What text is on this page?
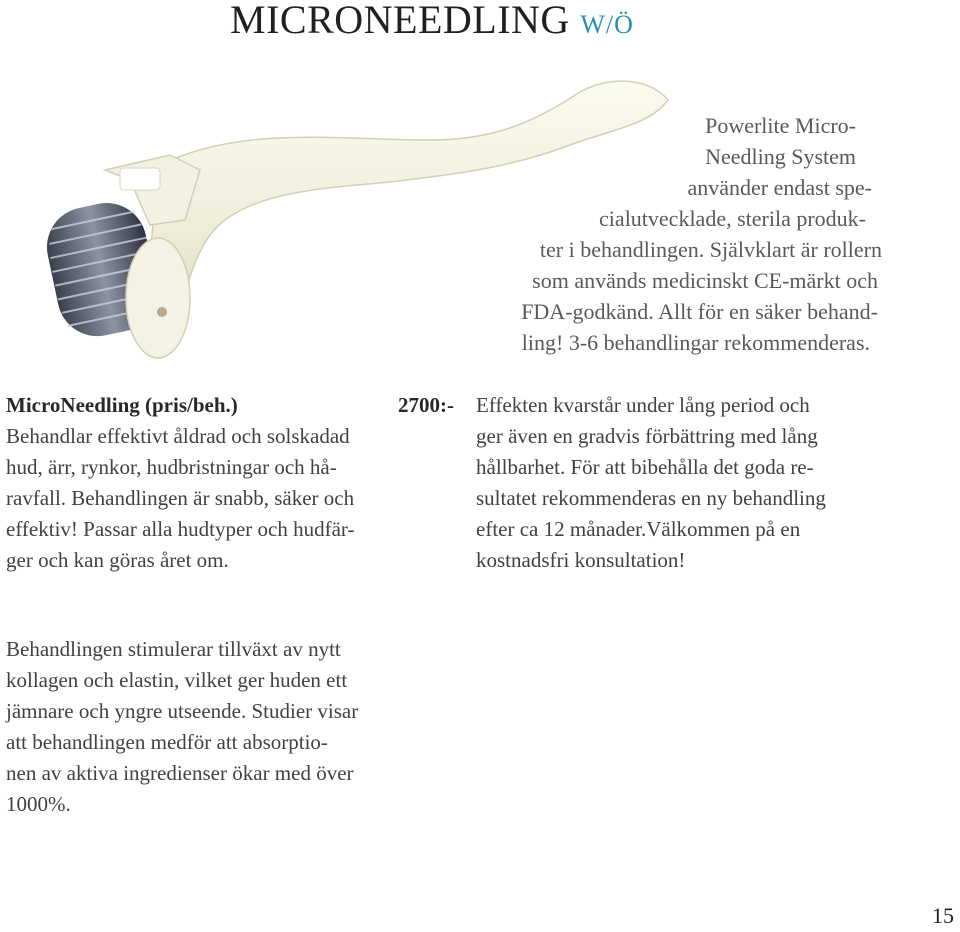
MICRONEEDLING W/Ö
Powerlite Micro-
Needling System
använder endast spe-
cialutvecklade, sterila produk-
ter i behandlingen. Självklart är rollern
som används medicinskt CE-märkt och
FDA-godkänd. Allt för en säker behand-
ling! 3-6 behandlingar rekommenderas.
MicroNeedling (pris/beh.)	2700:-

Behandlar effektivt åldrad och solskadad
hud, ärr, rynkor, hudbristningar och hå-
ravfall. Behandlingen är snabb, säker och
effektiv! Passar alla hudtyper och hudfär-
ger och kan göras året om.

Effekten kvarstår under lång period och
ger även en gradvis förbättring med lång
hållbarhet. För att bibehålla det goda re-
sultatet rekommenderas en ny behandling
efter ca 12 månader.Välkommen på en
kostnadsfri konsultation!

Behandlingen stimulerar tillväxt av nytt
kollagen och elastin, vilket ger huden ett
jämnare och yngre utseende. Studier visar
att behandlingen medför att absorptio-
nen av aktiva ingredienser ökar med över
1000%.

15
